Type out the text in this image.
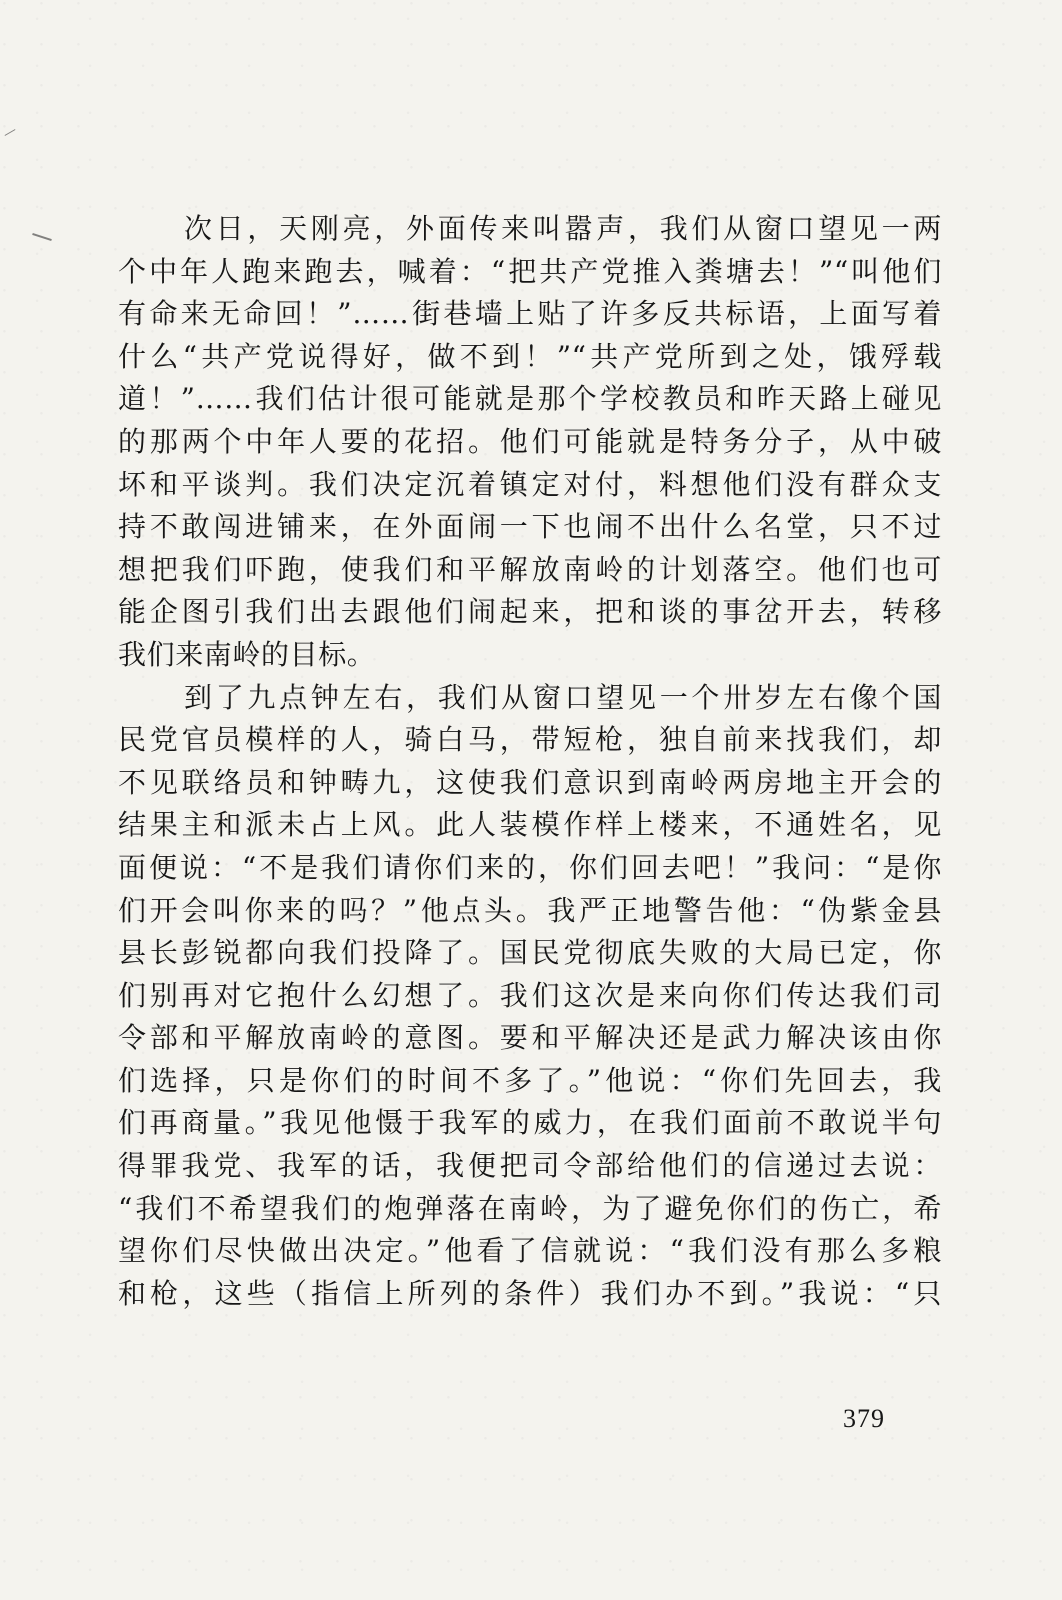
次日，天刚亮，外面传来叫嚣声，我们从窗口望见一两
个中年人跑来跑去，喊着：“把共产党推入粪塘去！”“叫他们
有命来无命回！”……街巷墙上贴了许多反共标语，上面写着
什么“共产党说得好，做不到！”“共产党所到之处，饿殍载
道！”……我们估计很可能就是那个学校教员和昨天路上碰见
的那两个中年人要的花招。他们可能就是特务分子，从中破
坏和平谈判。我们决定沉着镇定对付，料想他们没有群众支
持不敢闯进铺来，在外面闹一下也闹不出什么名堂，只不过
想把我们吓跑，使我们和平解放南岭的计划落空。他们也可
能企图引我们出去跟他们闹起来，把和谈的事岔开去，转移
我们来南岭的目标。
到了九点钟左右，我们从窗口望见一个卅岁左右像个国
民党官员模样的人，骑白马，带短枪，独自前来找我们，却
不见联络员和钟畴九，这使我们意识到南岭两房地主开会的
结果主和派未占上风。此人装模作样上楼来，不通姓名，见
面便说：“不是我们请你们来的，你们回去吧！”我问：“是你
们开会叫你来的吗？”他点头。我严正地警告他：“伪紫金县
县长彭锐都向我们投降了。国民党彻底失败的大局已定，你
们别再对它抱什么幻想了。我们这次是来向你们传达我们司
令部和平解放南岭的意图。要和平解决还是武力解决该由你
们选择，只是你们的时间不多了。”他说：“你们先回去，我
们再商量。”我见他慑于我军的威力，在我们面前不敢说半句
得罪我党、我军的话，我便把司令部给他们的信递过去说：
“我们不希望我们的炮弹落在南岭，为了避免你们的伤亡，希
望你们尽快做出决定。”他看了信就说：“我们没有那么多粮
和枪，这些（指信上所列的条件）我们办不到。”我说：“只
379
